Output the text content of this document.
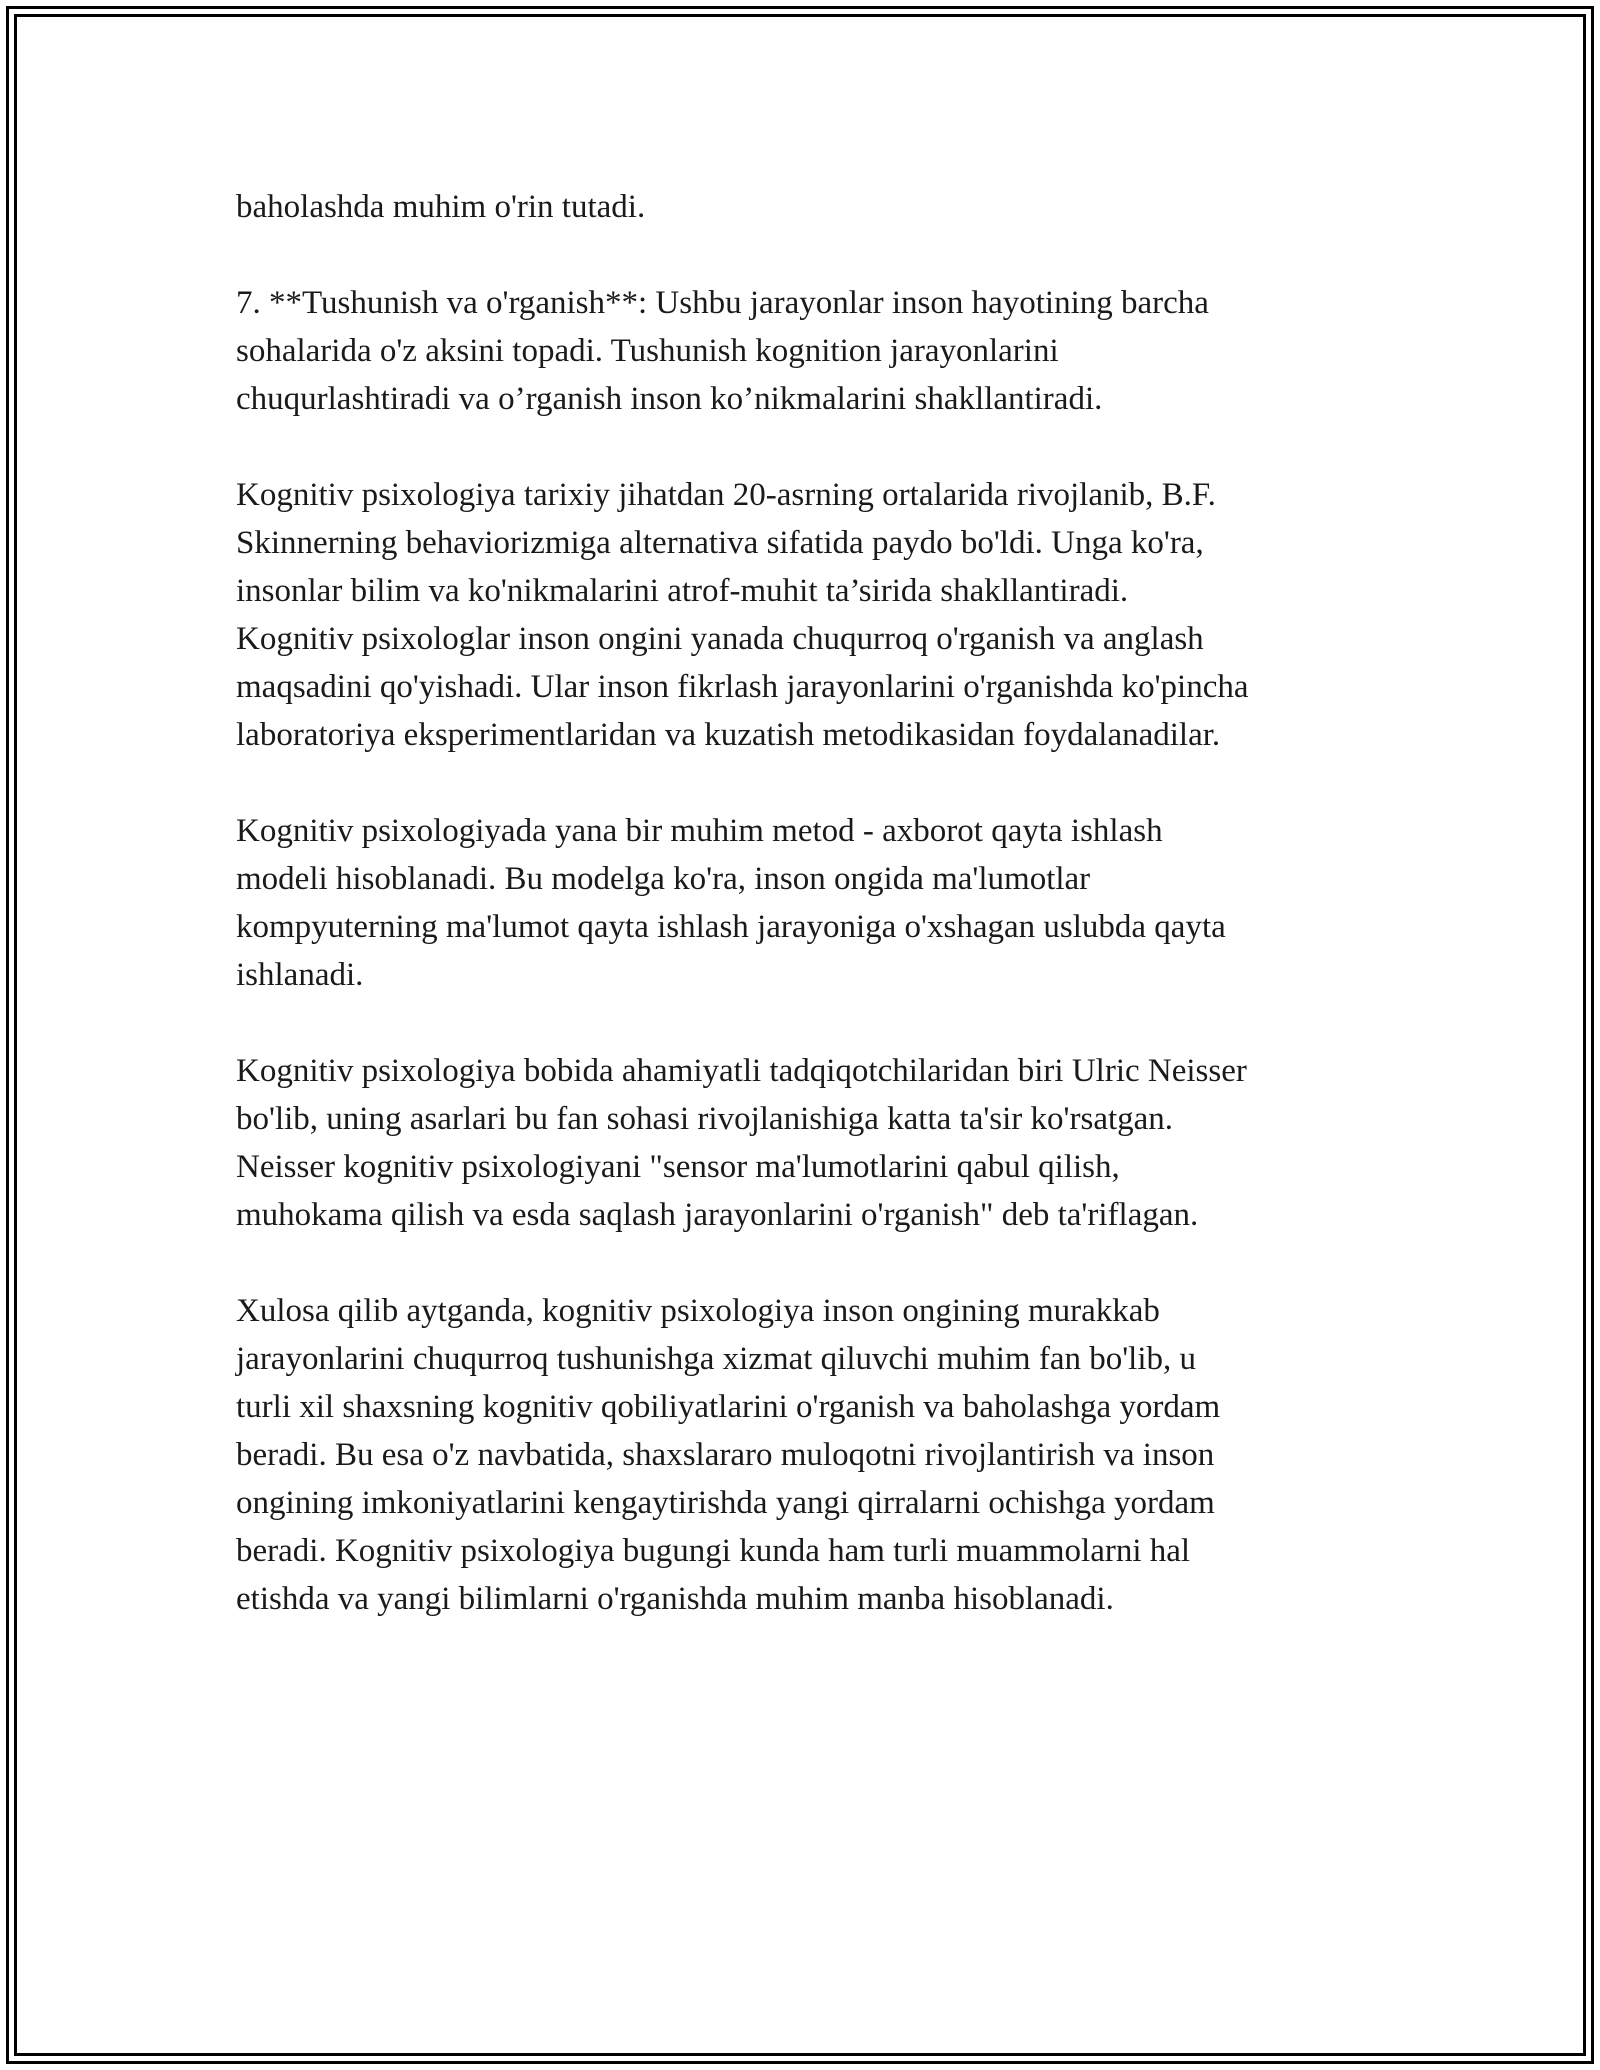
baholashda muhim o'rin tutadi.
7. **Tushunish va o'rganish**: Ushbu jarayonlar inson hayotining barcha
sohalarida o'z aksini topadi. Tushunish kognition jarayonlarini
chuqurlashtiradi va o’rganish inson ko’nikmalarini shakllantiradi.
Kognitiv psixologiya tarixiy jihatdan 20-asrning ortalarida rivojlanib, B.F.
Skinnerning behaviorizmiga alternativa sifatida paydo bo'ldi. Unga ko'ra,
insonlar bilim va ko'nikmalarini atrof-muhit ta’sirida shakllantiradi.
Kognitiv psixologlar inson ongini yanada chuqurroq o'rganish va anglash
maqsadini qo'yishadi. Ular inson fikrlash jarayonlarini o'rganishda ko'pincha
laboratoriya eksperimentlaridan va kuzatish metodikasidan foydalanadilar.
Kognitiv psixologiyada yana bir muhim metod - axborot qayta ishlash
modeli hisoblanadi. Bu modelga ko'ra, inson ongida ma'lumotlar
kompyuterning ma'lumot qayta ishlash jarayoniga o'xshagan uslubda qayta
ishlanadi.
Kognitiv psixologiya bobida ahamiyatli tadqiqotchilaridan biri Ulric Neisser
bo'lib, uning asarlari bu fan sohasi rivojlanishiga katta ta'sir ko'rsatgan.
Neisser kognitiv psixologiyani "sensor ma'lumotlarini qabul qilish,
muhokama qilish va esda saqlash jarayonlarini o'rganish" deb ta'riflagan.
Xulosa qilib aytganda, kognitiv psixologiya inson ongining murakkab
jarayonlarini chuqurroq tushunishga xizmat qiluvchi muhim fan bo'lib, u
turli xil shaxsning kognitiv qobiliyatlarini o'rganish va baholashga yordam
beradi. Bu esa o'z navbatida, shaxslararo muloqotni rivojlantirish va inson
ongining imkoniyatlarini kengaytirishda yangi qirralarni ochishga yordam
beradi. Kognitiv psixologiya bugungi kunda ham turli muammolarni hal
etishda va yangi bilimlarni o'rganishda muhim manba hisoblanadi.
